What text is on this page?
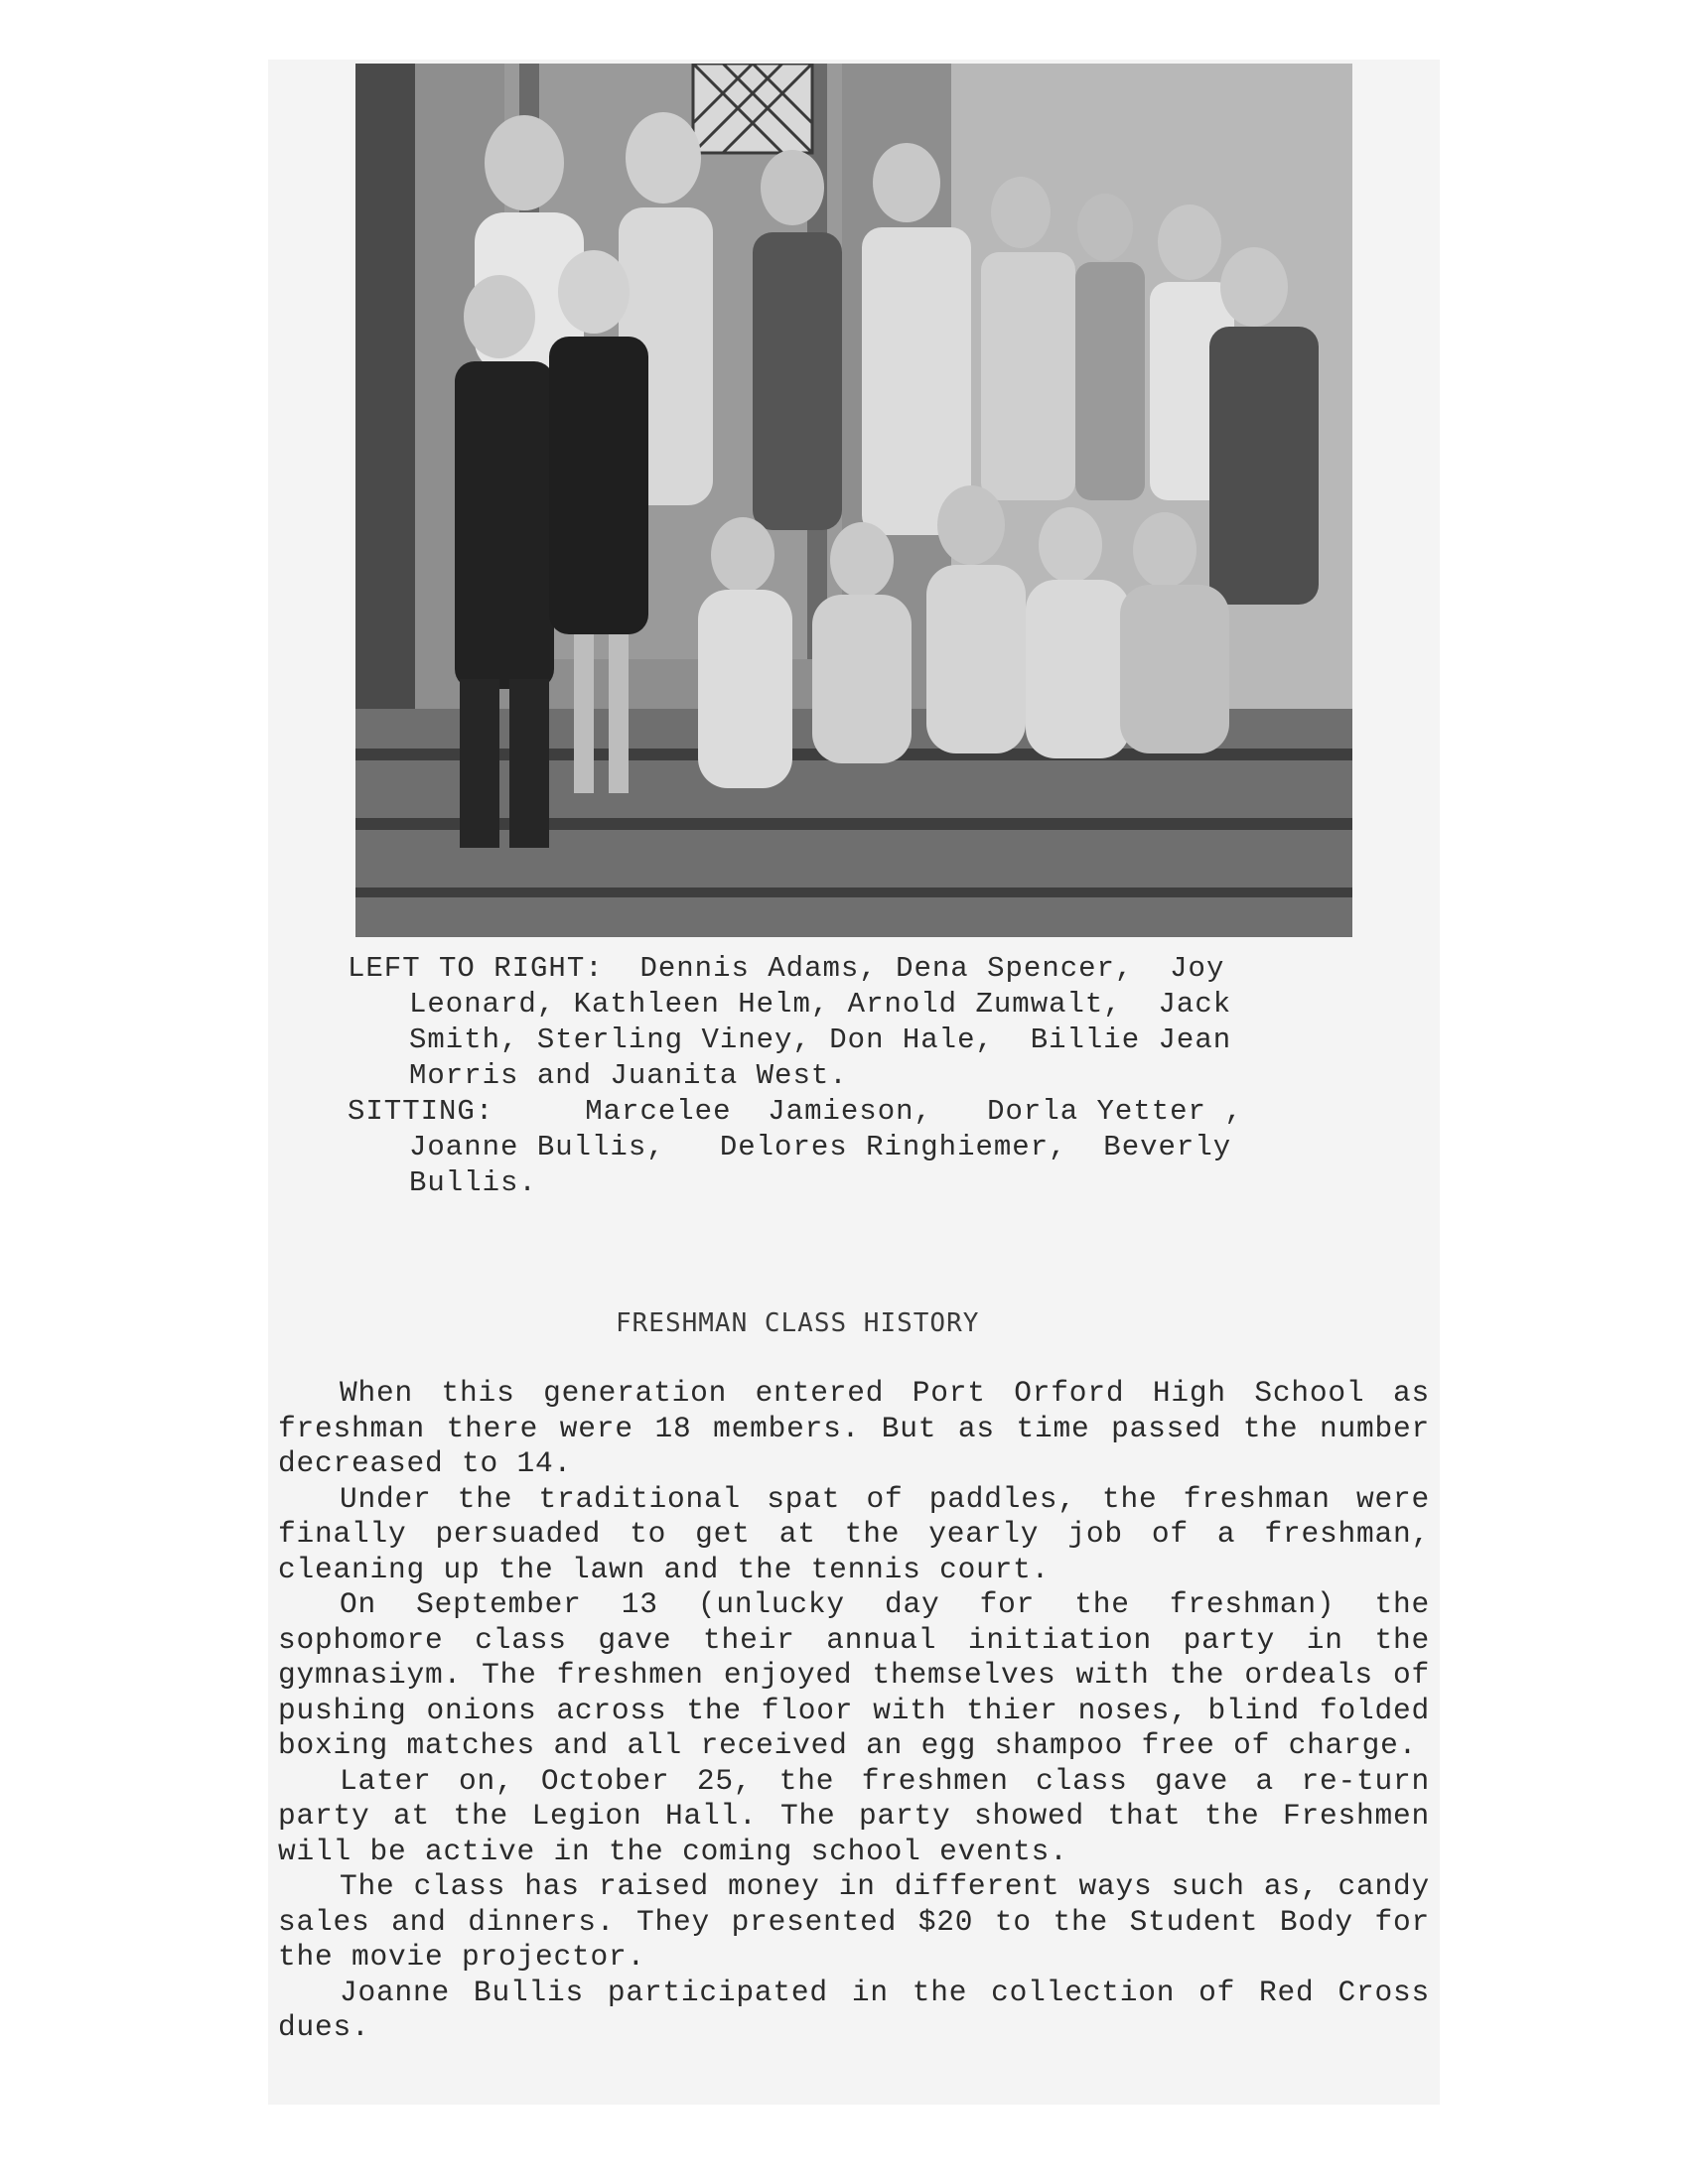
LEFT TO RIGHT: Dennis Adams, Dena Spencer,  Joy
Leonard, Kathleen Helm, Arnold Zumwalt,  Jack
Smith, Sterling Viney, Don Hale,  Billie Jean
Morris and Juanita West.
SITTING:	Marcelee  Jamieson,   Dorla Yetter ,
Joanne Bullis,   Delores Ringhiemer,  Beverly
Bullis.
FRESHMAN CLASS HISTORY

When this generation entered Port Orford High School as freshman there were 18 members. But as time passed the number decreased to 14.

Under the traditional spat of paddles, the freshman were finally persuaded to get at the yearly job of a freshman, cleaning up the lawn and the tennis court.

On September 13 (unlucky day for the freshman) the sophomore class gave their annual initiation party in the gymnasiym. The freshmen enjoyed themselves with the ordeals of pushing onions across the floor with thier noses, blind folded boxing matches and all received an egg shampoo free of charge.

Later on, October 25, the freshmen class gave a re-turn party at the Legion Hall. The party showed that the Freshmen will be active in the coming school events.

The class has raised money in different ways such as, candy sales and dinners. They presented $20 to the Student Body for the movie projector.

Joanne Bullis participated in the collection of Red Cross dues.
